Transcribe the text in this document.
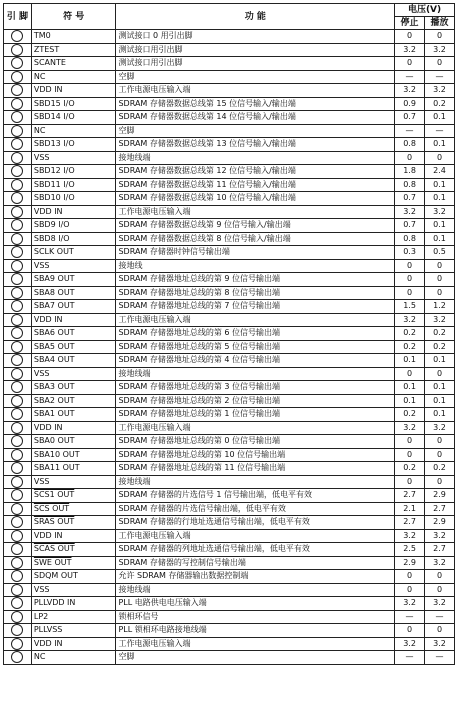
引 脚	符 号	功 能	电压(V)	
			停止	播放
	TM0	测试接口 0 用引出脚	0	0
	ZTEST	测试接口用引出脚	3.2	3.2
	SCANTE	测试接口用引出脚	0	0
	NC	空脚	—	—
	VDD IN	工作电源电压输入端	3.2	3.2
	SBD15 I/O	SDRAM 存储器数据总线第 15 位信号输入/输出端	0.9	0.2
	SBD14 I/O	SDRAM 存储器数据总线第 14 位信号输入/输出端	0.7	0.1
	NC	空脚	—	—
	SBD13 I/O	SDRAM 存储器数据总线第 13 位信号输入/输出端	0.8	0.1
	VSS	接地线端	0	0
	SBD12 I/O	SDRAM 存储器数据总线第 12 位信号输入/输出端	1.8	2.4
	SBD11 I/O	SDRAM 存储器数据总线第 11 位信号输入/输出端	0.8	0.1
	SBD10 I/O	SDRAM 存储器数据总线第 10 位信号输入/输出端	0.7	0.1
	VDD IN	工作电源电压输入端	3.2	3.2
	SBD9 I/O	SDRAM 存储器数据总线第 9 位信号输入/输出端	0.7	0.1
	SBD8 I/O	SDRAM 存储器数据总线第 8 位信号输入/输出端	0.8	0.1
	SCLK OUT	SDRAM 存储器时钟信号输出端	0.3	0.5
	VSS	接地线	0	0
	SBA9 OUT	SDRAM 存储器地址总线的第 9 位信号输出端	0	0
	SBA8 OUT	SDRAM 存储器地址总线的第 8 位信号输出端	0	0
	SBA7 OUT	SDRAM 存储器地址总线的第 7 位信号输出端	1.5	1.2
	VDD IN	工作电源电压输入端	3.2	3.2
	SBA6 OUT	SDRAM 存储器地址总线的第 6 位信号输出端	0.2	0.2
	SBA5 OUT	SDRAM 存储器地址总线的第 5 位信号输出端	0.2	0.2
	SBA4 OUT	SDRAM 存储器地址总线的第 4 位信号输出端	0.1	0.1
	VSS	接地线端	0	0
	SBA3 OUT	SDRAM 存储器地址总线的第 3 位信号输出端	0.1	0.1
	SBA2 OUT	SDRAM 存储器地址总线的第 2 位信号输出端	0.1	0.1
	SBA1 OUT	SDRAM 存储器地址总线的第 1 位信号输出端	0.2	0.1
	VDD IN	工作电源电压输入端	3.2	3.2
	SBA0 OUT	SDRAM 存储器地址总线的第 0 位信号输出端	0	0
	SBA10 OUT	SDRAM 存储器地址总线的第 10 位信号输出端	0	0
	SBA11 OUT	SDRAM 存储器地址总线的第 11 位信号输出端	0.2	0.2
	VSS	接地线端	0	0
	SCS1 OUT	SDRAM 存储器的片选信号 1 信号输出端，低电平有效	2.7	2.9
	SCS OUT	SDRAM 存储器的片选信号输出端，低电平有效	2.1	2.7
	SRAS OUT	SDRAM 存储器的行地址选通信号输出端，低电平有效	2.7	2.9
	VDD IN	工作电源电压输入端	3.2	3.2
	SCAS OUT	SDRAM 存储器的列地址选通信号输出端，低电平有效	2.5	2.7
	SWE OUT	SDRAM 存储器的写控制信号输出端	2.9	3.2
	SDQM OUT	允许 SDRAM 存储器输出数据控制端	0	0
	VSS	接地线端	0	0
	PLLVDD IN	PLL 电路供电电压输入端	3.2	3.2
	LP2	锁相环信号	—	—
	PLLVSS	PLL 锁相环电路接地线端	0	0
	VDD IN	工作电源电压输入端	3.2	3.2
	NC	空脚	—	—
